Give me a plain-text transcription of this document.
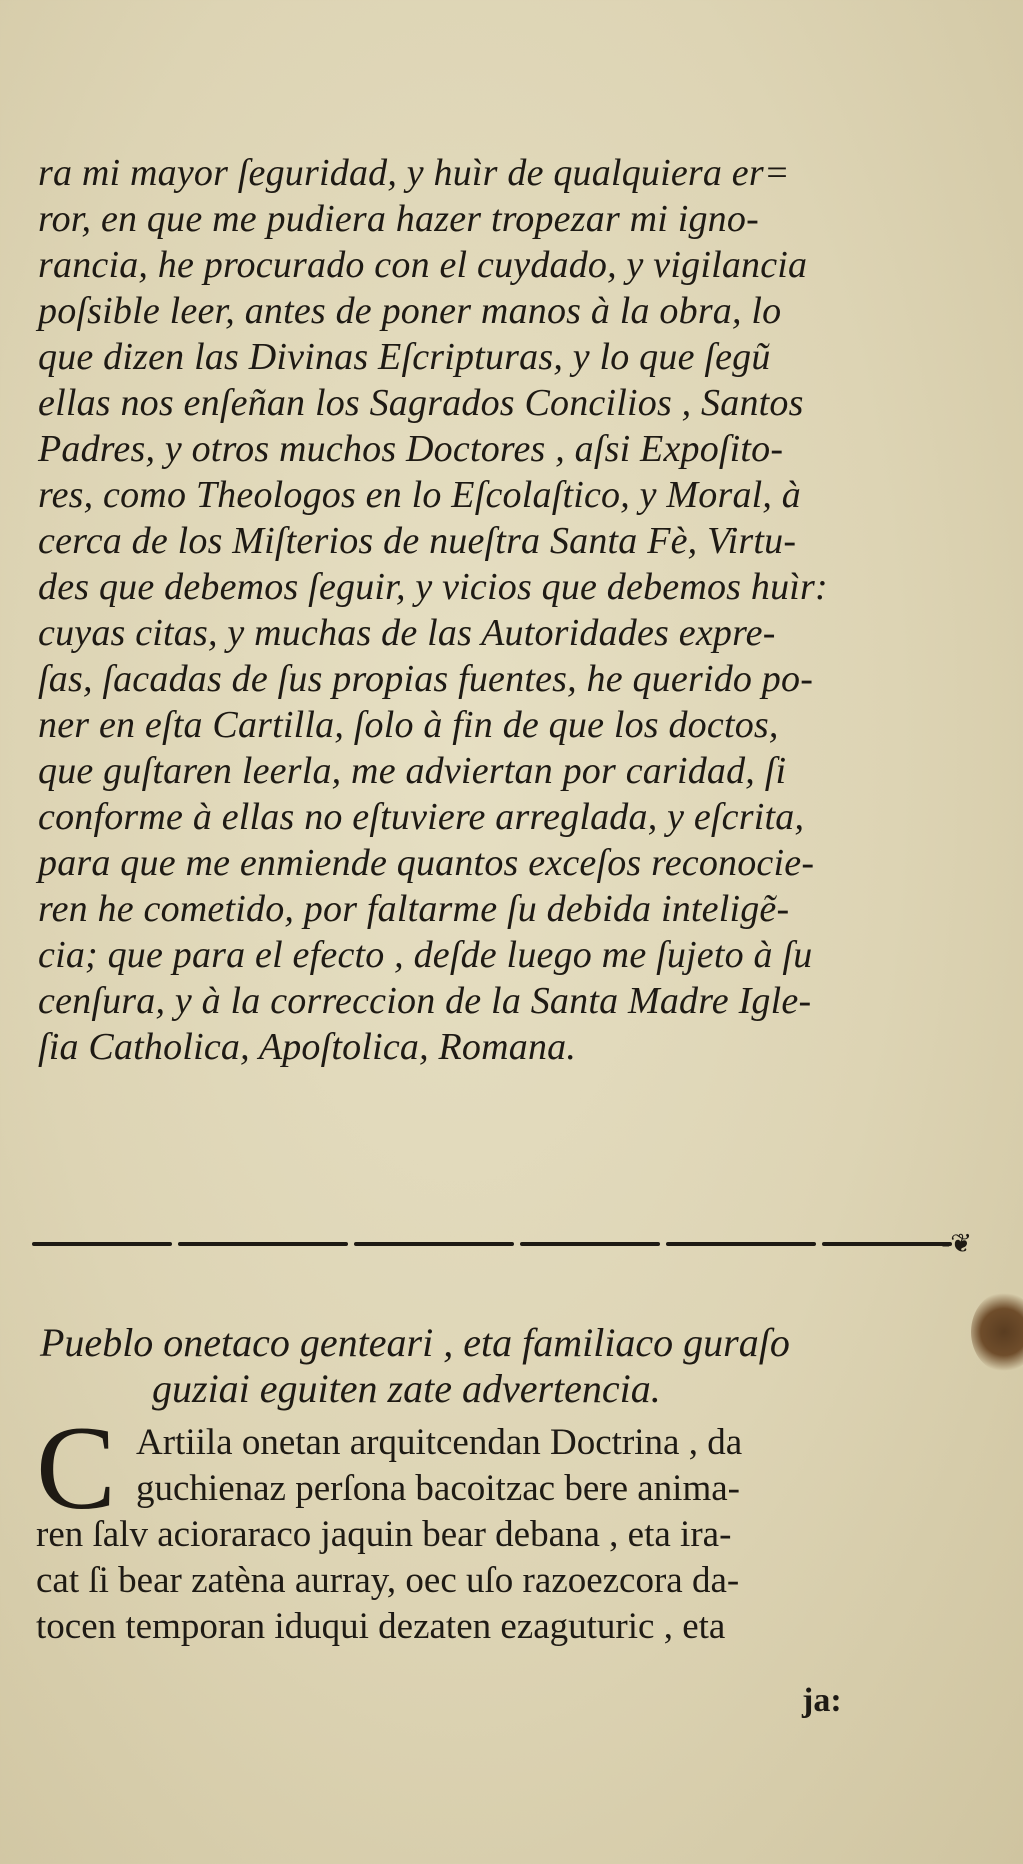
ra mi mayor ſeguridad, y huìr de qualquiera er=
ror, en que me pudiera hazer tropezar mi igno-
rancia, he procurado con el cuydado, y vigilancia
poſsible leer, antes de poner manos à la obra, lo
que dizen las Divinas Eſcripturas, y lo que ſegũ
ellas nos enſeñan los Sagrados Concilios , Santos
Padres, y otros muchos Doctores , aſsi Expoſito-
res, como Theologos en lo Eſcolaſtico, y Moral, à
cerca de los Miſterios de nueſtra Santa Fè, Virtu-
des que debemos ſeguir, y vicios que debemos huìr:
cuyas citas, y muchas de las Autoridades expre-
ſas, ſacadas de ſus propias fuentes, he querido po-
ner en eſta Cartilla, ſolo à fin de que los doctos,
que guſtaren leerla, me adviertan por caridad, ſi
conforme à ellas no eſtuviere arreglada, y eſcrita,
para que me enmiende quantos exceſos reconocie-
ren he cometido, por faltarme ſu debida inteligẽ-
cia; que para el efecto , deſde luego me ſujeto à ſu
cenſura, y à la correccion de la Santa Madre Igle-
ſia Catholica, Apoſtolica, Romana.
-❦
Pueblo onetaco genteari , eta familiaco guraſo
guziai eguiten zate advertencia.
C Artiila onetan arquitcendan Doctrina , da
guchienaz perſona bacoitzac bere anima-
ren ſalv acioraraco jaquin bear debana , eta ira-
cat ſi bear zatèna aurray, oec uſo razoezcora da-
tocen temporan iduqui dezaten ezaguturic , eta
ja:
